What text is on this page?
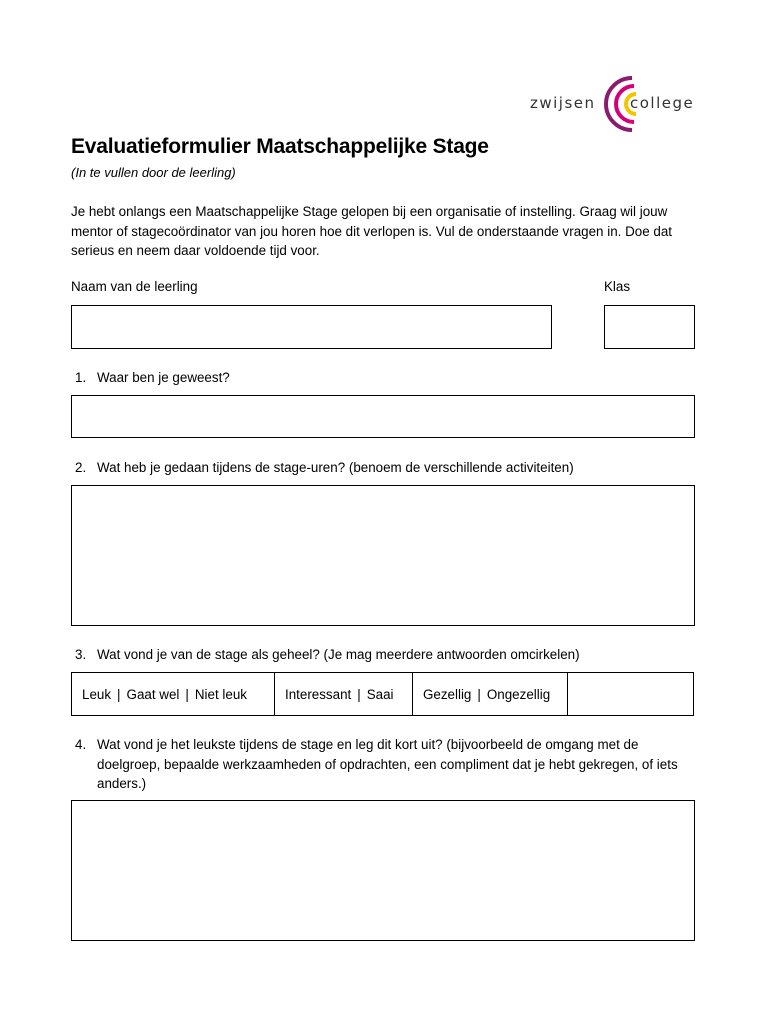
zwijsen college
Evaluatieformulier Maatschappelijke Stage
(In te vullen door de leerling)
Je hebt onlangs een Maatschappelijke Stage gelopen bij een organisatie of instelling. Graag wil jouw mentor of stagecoördinator van jou horen hoe dit verlopen is. Vul de onderstaande vragen in. Doe dat serieus en neem daar voldoende tijd voor.
Naam van de leerling	Klas
1. Waar ben je geweest?
2. Wat heb je gedaan tijdens de stage-uren? (benoem de verschillende activiteiten)
3. Wat vond je van de stage als geheel? (Je mag meerdere antwoorden omcirkelen)
Leuk | Gaat wel | Niet leuk	Interessant | Saai	Gezellig | Ongezellig	
4. Wat vond je het leukste tijdens de stage en leg dit kort uit? (bijvoorbeeld de omgang met de doelgroep, bepaalde werkzaamheden of opdrachten, een compliment dat je hebt gekregen, of iets anders.)
